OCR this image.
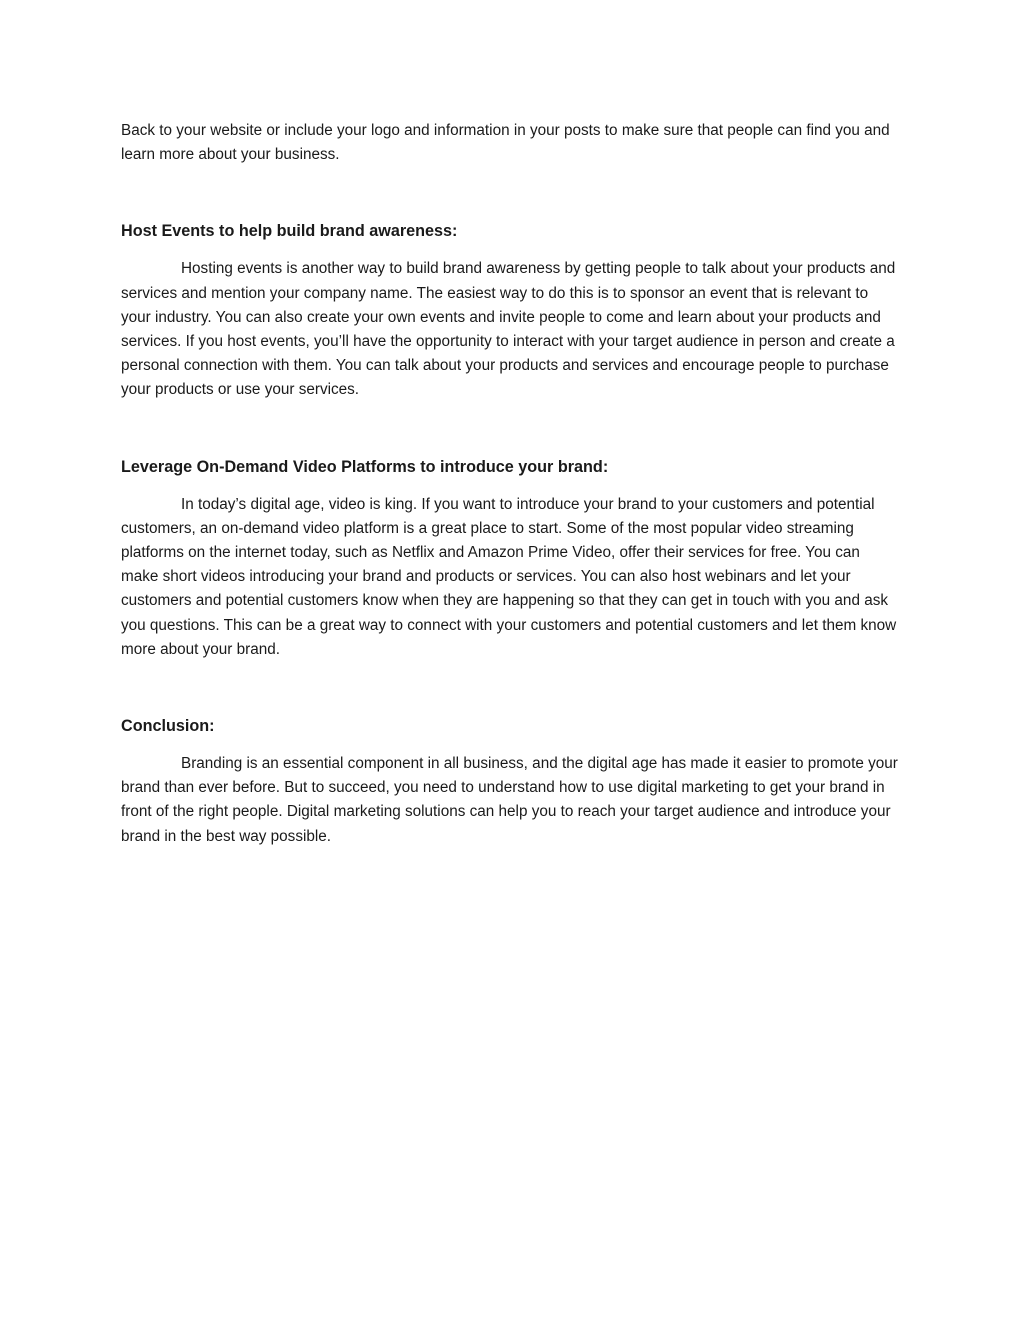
Back to your website or include your logo and information in your posts to make sure that people can find you and learn more about your business.

Host Events to help build brand awareness:

Hosting events is another way to build brand awareness by getting people to talk about your products and services and mention your company name. The easiest way to do this is to sponsor an event that is relevant to your industry. You can also create your own events and invite people to come and learn about your products and services. If you host events, you’ll have the opportunity to interact with your target audience in person and create a personal connection with them. You can talk about your products and services and encourage people to purchase your products or use your services.

Leverage On-Demand Video Platforms to introduce your brand:

In today’s digital age, video is king. If you want to introduce your brand to your customers and potential customers, an on-demand video platform is a great place to start. Some of the most popular video streaming platforms on the internet today, such as Netflix and Amazon Prime Video, offer their services for free. You can make short videos introducing your brand and products or services. You can also host webinars and let your customers and potential customers know when they are happening so that they can get in touch with you and ask you questions. This can be a great way to connect with your customers and potential customers and let them know more about your brand.

Conclusion:

Branding is an essential component in all business, and the digital age has made it easier to promote your brand than ever before. But to succeed, you need to understand how to use digital marketing to get your brand in front of the right people. Digital marketing solutions can help you to reach your target audience and introduce your brand in the best way possible.
